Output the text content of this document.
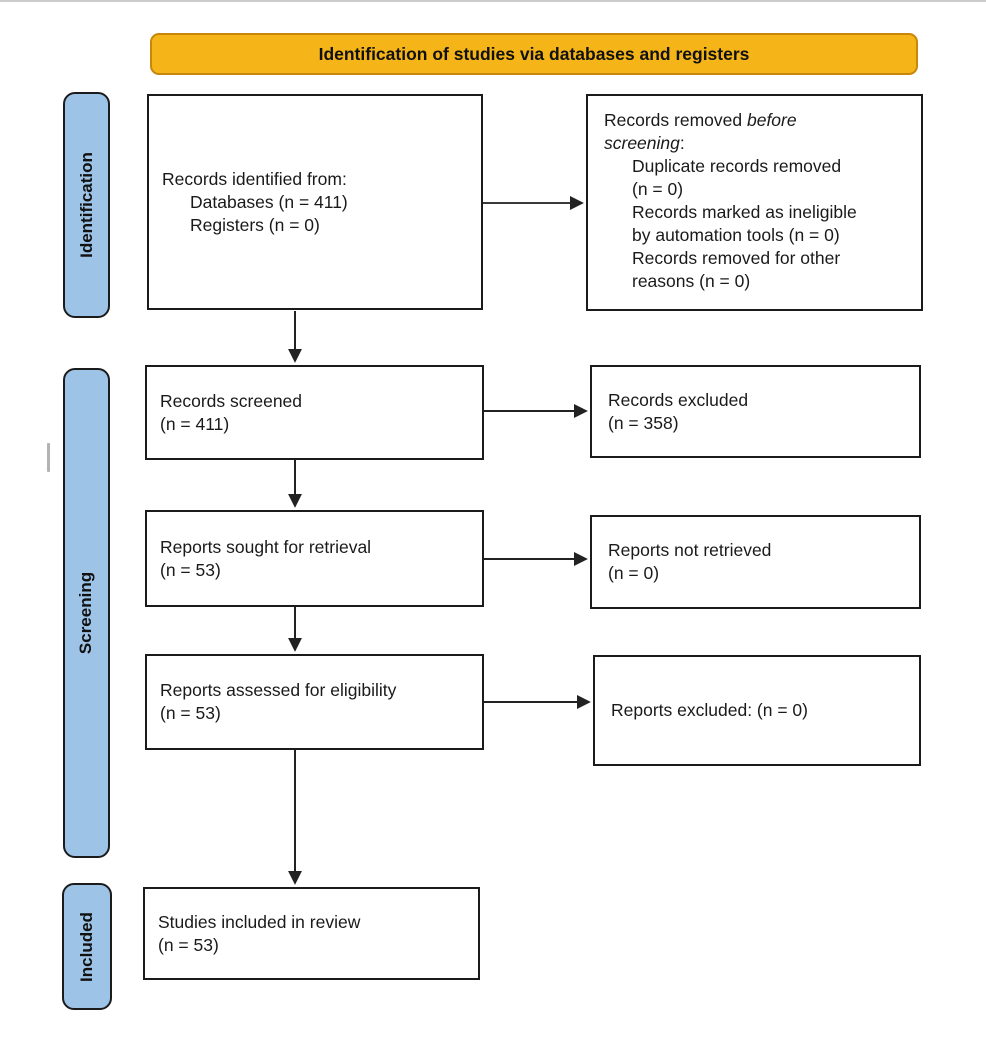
Identification of studies via databases and registers
Identification
Screening
Included
Records identified from:
Databases (n = 411)
Registers (n = 0)
Records removed before
screening:
Duplicate records removed
(n = 0)
Records marked as ineligible
by automation tools (n = 0)
Records removed for other
reasons (n = 0)
Records screened
(n = 411)
Records excluded
(n = 358)
Reports sought for retrieval
(n = 53)
Reports not retrieved
(n = 0)
Reports assessed for eligibility
(n = 53)	Reports excluded: (n = 0)
Studies included in review
(n = 53)
